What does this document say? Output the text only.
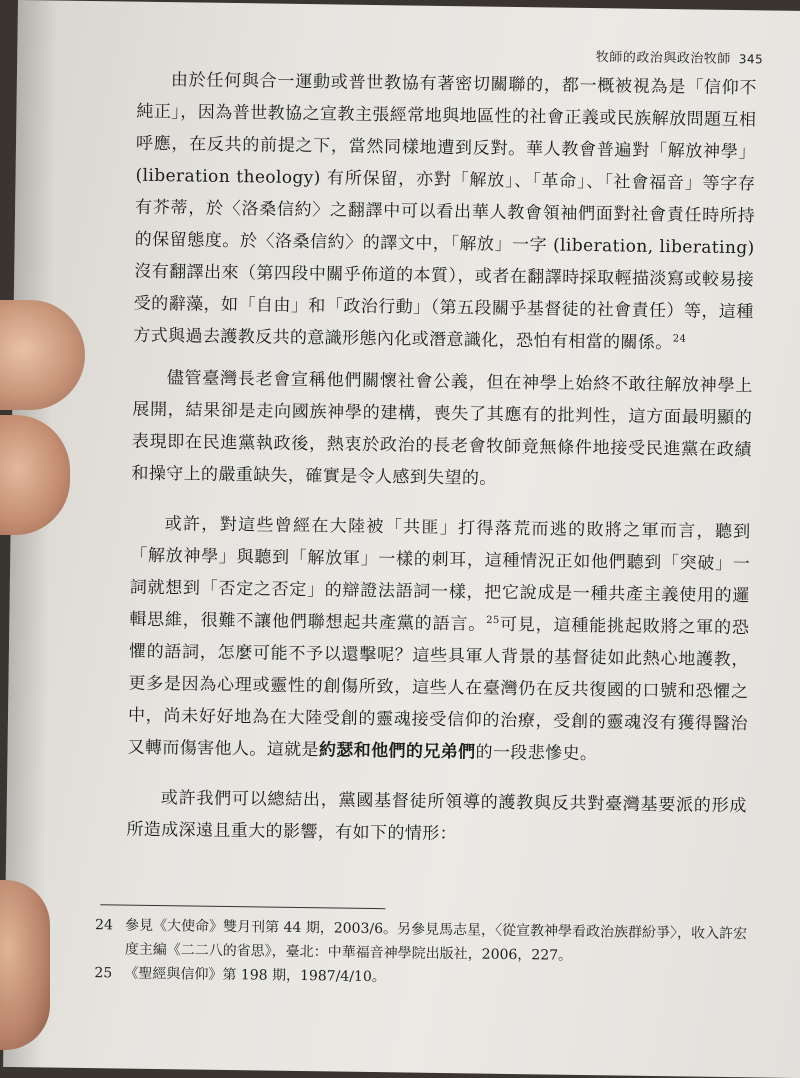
牧師的政治與政治牧師 345

由於任何與合一運動或普世教協有著密切關聯的，都一概被視為是「信仰不純正」，因為普世教協之宣教主張經常地與地區性的社會正義或民族解放問題互相呼應，在反共的前提之下，當然同樣地遭到反對。華人教會普遍對「解放神學」(liberation theology) 有所保留，亦對「解放」、「革命」、「社會福音」等字存有芥蒂，於〈洛桑信約〉之翻譯中可以看出華人教會領袖們面對社會責任時所持的保留態度。於〈洛桑信約〉的譯文中，「解放」一字 (liberation, liberating) 沒有翻譯出來（第四段中關乎佈道的本質），或者在翻譯時採取輕描淡寫或較易接受的辭藻，如「自由」和「政治行動」（第五段關乎基督徒的社會責任）等，這種方式與過去護教反共的意識形態內化或潛意識化，恐怕有相當的關係。$^{24}$

儘管臺灣長老會宣稱他們關懷社會公義，但在神學上始終不敢往解放神學上展開，結果卻是走向國族神學的建構，喪失了其應有的批判性，這方面最明顯的表現即在民進黨執政後，熱衷於政治的長老會牧師竟無條件地接受民進黨在政績和操守上的嚴重缺失，確實是令人感到失望的。

或許，對這些曾經在大陸被「共匪」打得落荒而逃的敗將之軍而言，聽到「解放神學」與聽到「解放軍」一樣的刺耳，這種情況正如他們聽到「突破」一詞就想到「否定之否定」的辯證法語詞一樣，把它說成是一種共產主義使用的邏輯思維，很難不讓他們聯想起共產黨的語言。$^{25}$可見，這種能挑起敗將之軍的恐懼的語詞，怎麼可能不予以還擊呢？這些具軍人背景的基督徒如此熱心地護教，更多是因為心理或靈性的創傷所致，這些人在臺灣仍在反共復國的口號和恐懼之中，尚未好好地為在大陸受創的靈魂接受信仰的治療，受創的靈魂沒有獲得醫治又轉而傷害他人。這就是約瑟和他們的兄弟們的一段悲慘史。

或許我們可以總結出，黨國基督徒所領導的護教與反共對臺灣基要派的形成所造成深遠且重大的影響，有如下的情形：

24 參見《大使命》雙月刊第 44 期，2003/6。另參見馬志星，〈從宣教神學看政治族群紛爭〉，收入許宏度主編《二二八的省思》，臺北：中華福音神學院出版社，2006，227。
25 《聖經與信仰》第 198 期，1987/4/10。
